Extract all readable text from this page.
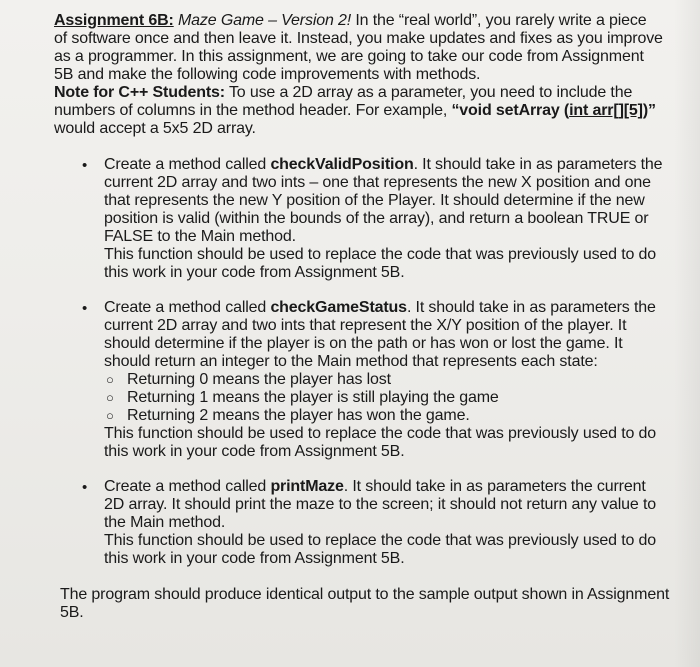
Assignment 6B: Maze Game – Version 2! In the “real world”, you rarely write a piece
of software once and then leave it. Instead, you make updates and fixes as you improve
as a programmer. In this assignment, we are going to take our code from Assignment
5B and make the following code improvements with methods.
Note for C++ Students: To use a 2D array as a parameter, you need to include the
numbers of columns in the method header. For example, “void setArray (int arr[][5])”
would accept a 5x5 2D array.
• Create a method called checkValidPosition. It should take in as parameters the
current 2D array and two ints – one that represents the new X position and one
that represents the new Y position of the Player. It should determine if the new
position is valid (within the bounds of the array), and return a boolean TRUE or
FALSE to the Main method.
This function should be used to replace the code that was previously used to do
this work in your code from Assignment 5B.
• Create a method called checkGameStatus. It should take in as parameters the
current 2D array and two ints that represent the X/Y position of the player. It
should determine if the player is on the path or has won or lost the game. It
should return an integer to the Main method that represents each state:
○ Returning 0 means the player has lost
○ Returning 1 means the player is still playing the game
○ Returning 2 means the player has won the game.
This function should be used to replace the code that was previously used to do
this work in your code from Assignment 5B.
• Create a method called printMaze. It should take in as parameters the current
2D array. It should print the maze to the screen; it should not return any value to
the Main method.
This function should be used to replace the code that was previously used to do
this work in your code from Assignment 5B.
The program should produce identical output to the sample output shown in Assignment
5B.
